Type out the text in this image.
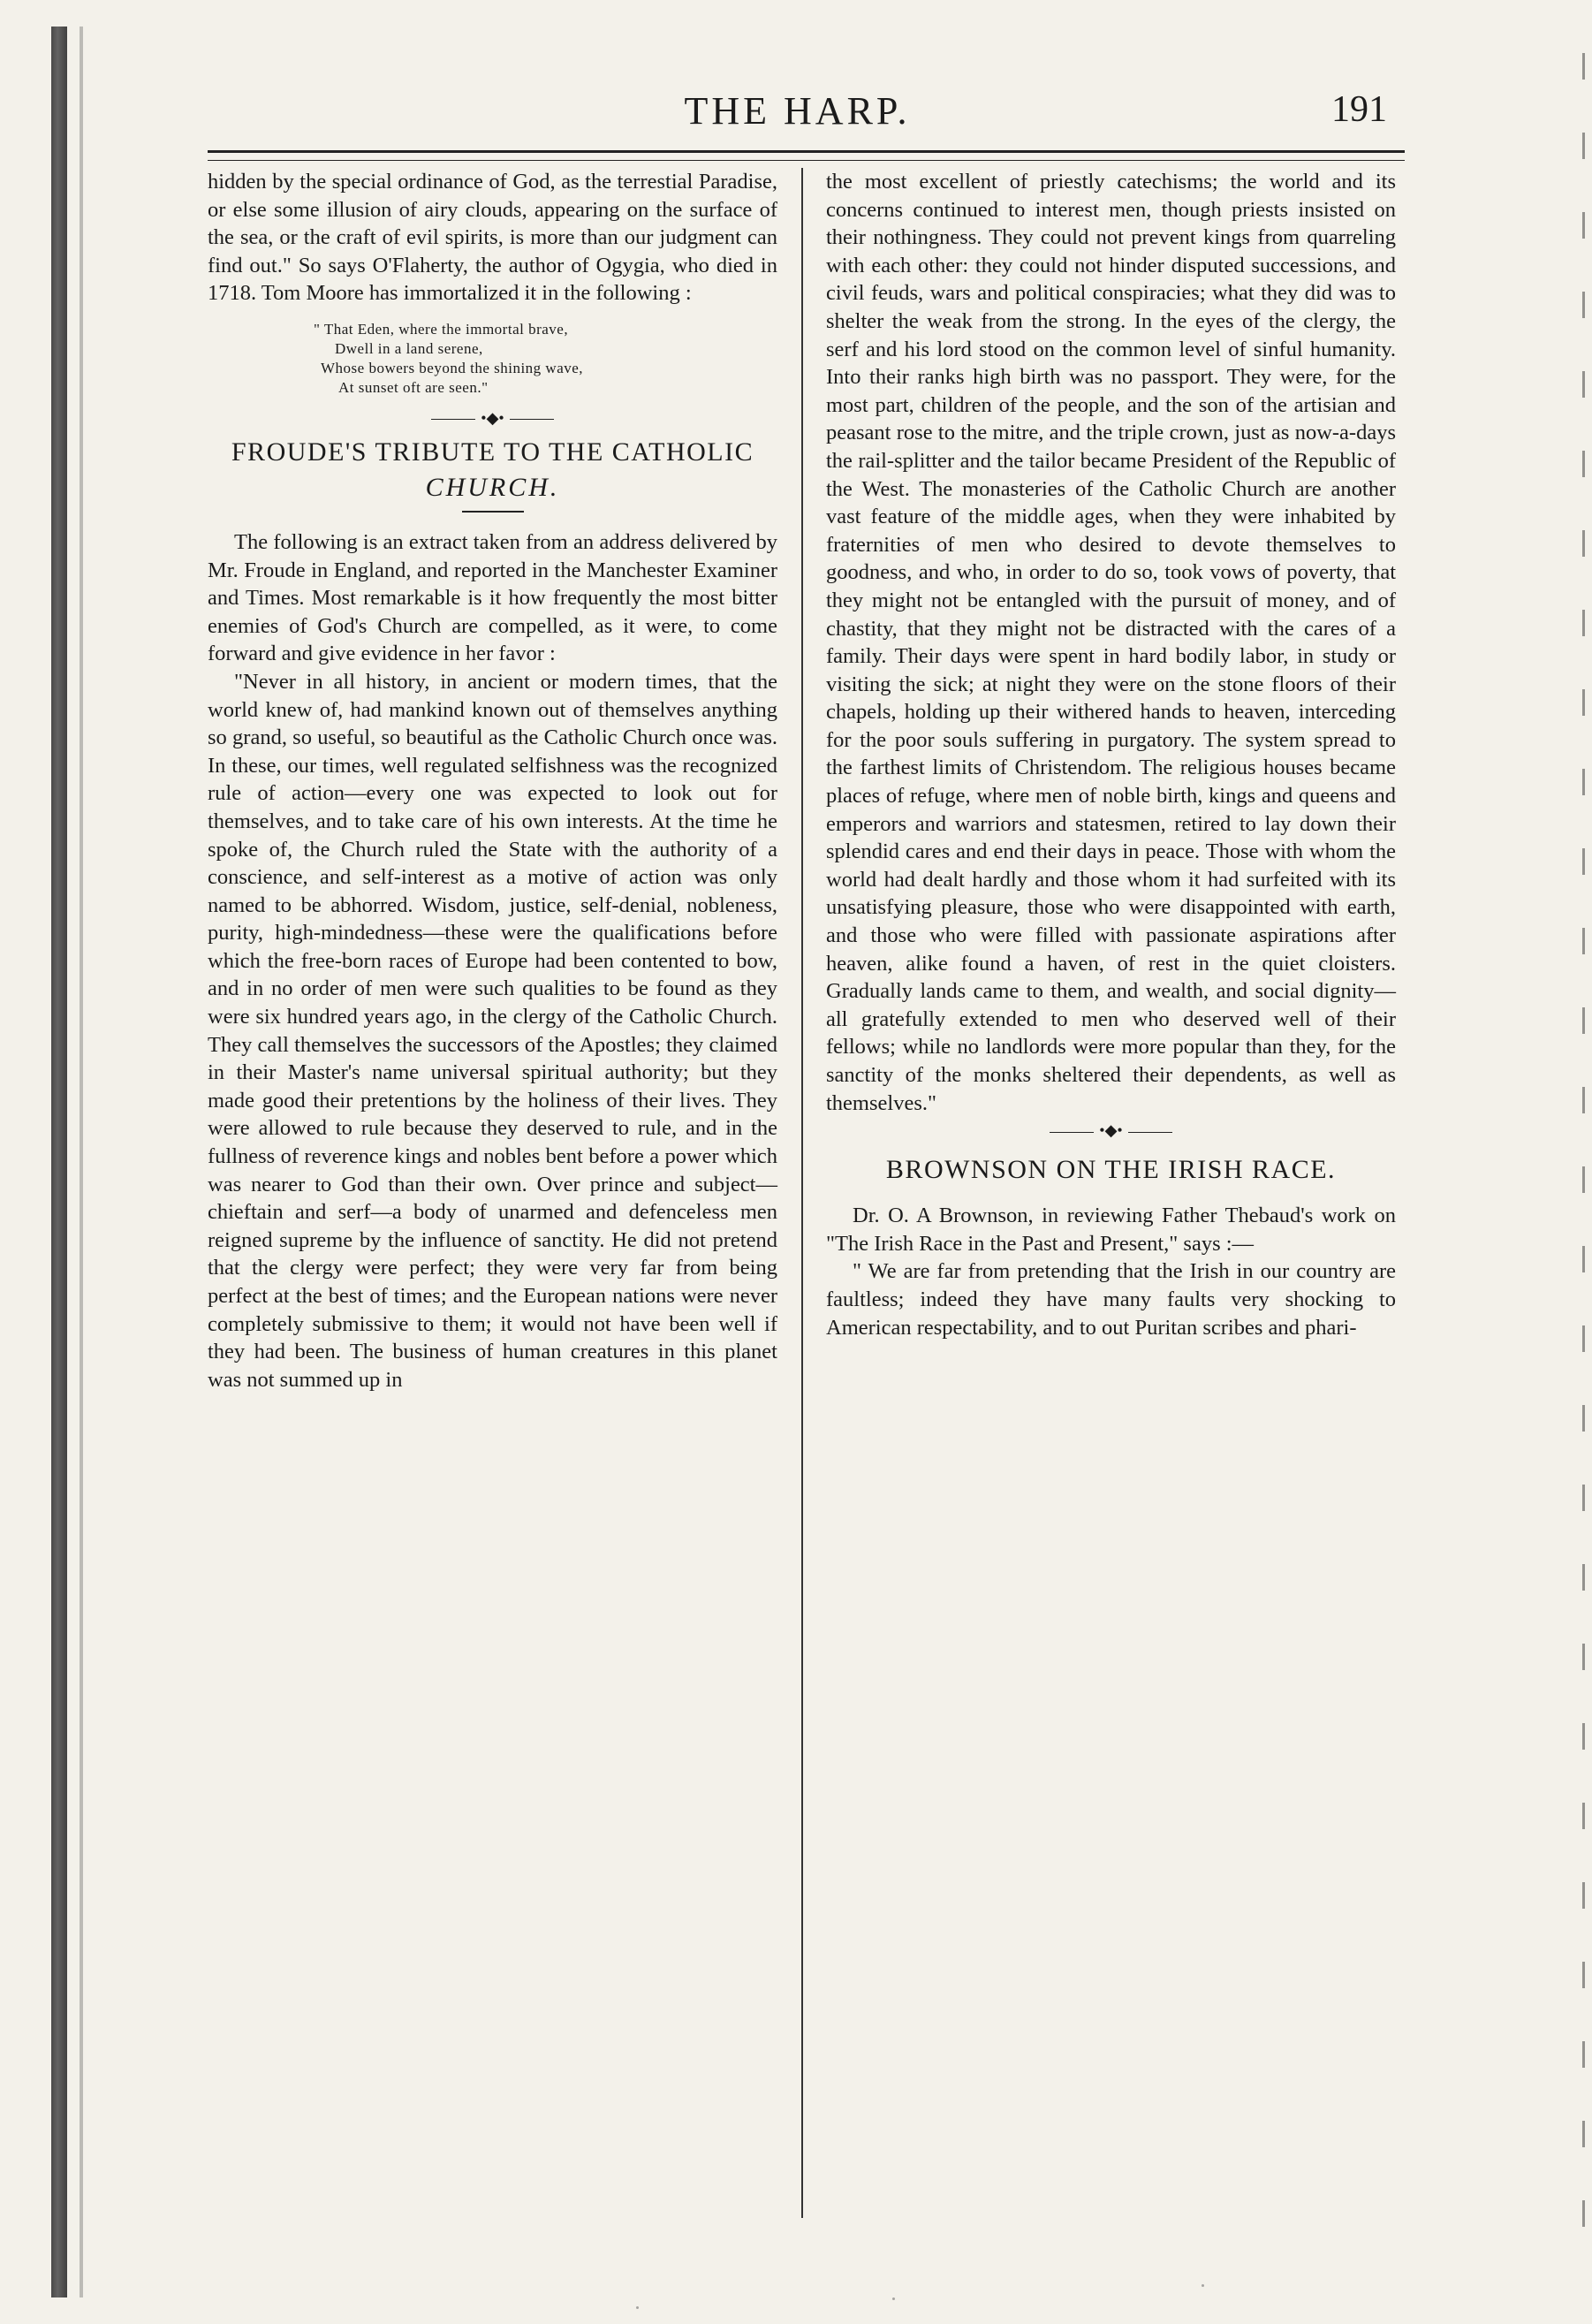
THE HARP.	191

hidden by the special ordinance of God, as the terrestial Paradise, or else some illusion of airy clouds, appearing on the surface of the sea, or the craft of evil spirits, is more than our judgment can find out." So says O'Flaherty, the author of Ogygia, who died in 1718. Tom Moore has immortalized it in the following :

" That Eden, where the immortal brave,
Dwell in a land serene,
Whose bowers beyond the shining wave,
At sunset oft are seen."
•◆•
FROUDE'S TRIBUTE TO THE CATHOLIC
CHURCH.

The following is an extract taken from an address delivered by Mr. Froude in England, and reported in the Manchester Examiner and Times. Most remarkable is it how frequently the most bitter enemies of God's Church are compelled, as it were, to come forward and give evidence in her favor :

"Never in all history, in ancient or modern times, that the world knew of, had mankind known out of themselves anything so grand, so useful, so beautiful as the Catholic Church once was. In these, our times, well regulated selfishness was the recognized rule of action—every one was expected to look out for themselves, and to take care of his own interests. At the time he spoke of, the Church ruled the State with the authority of a conscience, and self-interest as a motive of action was only named to be abhorred. Wisdom, justice, self-denial, nobleness, purity, high-mindedness—these were the qualifications before which the free-born races of Europe had been contented to bow, and in no order of men were such qualities to be found as they were six hundred years ago, in the clergy of the Catholic Church. They call themselves the successors of the Apostles; they claimed in their Master's name universal spiritual authority; but they made good their pretentions by the holiness of their lives. They were allowed to rule because they deserved to rule, and in the fullness of reverence kings and nobles bent before a power which was nearer to God than their own. Over prince and subject—chieftain and serf—a body of unarmed and defenceless men reigned supreme by the influence of sanctity. He did not pretend that the clergy were perfect; they were very far from being perfect at the best of times; and the European nations were never completely submissive to them; it would not have been well if they had been. The business of human creatures in this planet was not summed up in

the most excellent of priestly catechisms; the world and its concerns continued to interest men, though priests insisted on their nothingness. They could not prevent kings from quarreling with each other: they could not hinder disputed successions, and civil feuds, wars and political conspiracies; what they did was to shelter the weak from the strong. In the eyes of the clergy, the serf and his lord stood on the common level of sinful humanity. Into their ranks high birth was no passport. They were, for the most part, children of the people, and the son of the artisian and peasant rose to the mitre, and the triple crown, just as now-a-days the rail-splitter and the tailor became President of the Republic of the West. The monasteries of the Catholic Church are another vast feature of the middle ages, when they were inhabited by fraternities of men who desired to devote themselves to goodness, and who, in order to do so, took vows of poverty, that they might not be entangled with the pursuit of money, and of chastity, that they might not be distracted with the cares of a family. Their days were spent in hard bodily labor, in study or visiting the sick; at night they were on the stone floors of their chapels, holding up their withered hands to heaven, interceding for the poor souls suffering in purgatory. The system spread to the farthest limits of Christendom. The religious houses became places of refuge, where men of noble birth, kings and queens and emperors and warriors and statesmen, retired to lay down their splendid cares and end their days in peace. Those with whom the world had dealt hardly and those whom it had surfeited with its unsatisfying pleasure, those who were disappointed with earth, and those who were filled with passionate aspirations after heaven, alike found a haven, of rest in the quiet cloisters. Gradually lands came to them, and wealth, and social dignity—all gratefully extended to men who deserved well of their fellows; while no landlords were more popular than they, for the sanctity of the monks sheltered their dependents, as well as themselves."

•◆•
BROWNSON ON THE IRISH RACE.

Dr. O. A Brownson, in reviewing Father Thebaud's work on "The Irish Race in the Past and Present," says :—

" We are far from pretending that the Irish in our country are faultless; indeed they have many faults very shocking to American respectability, and to out Puritan scribes and phari-
